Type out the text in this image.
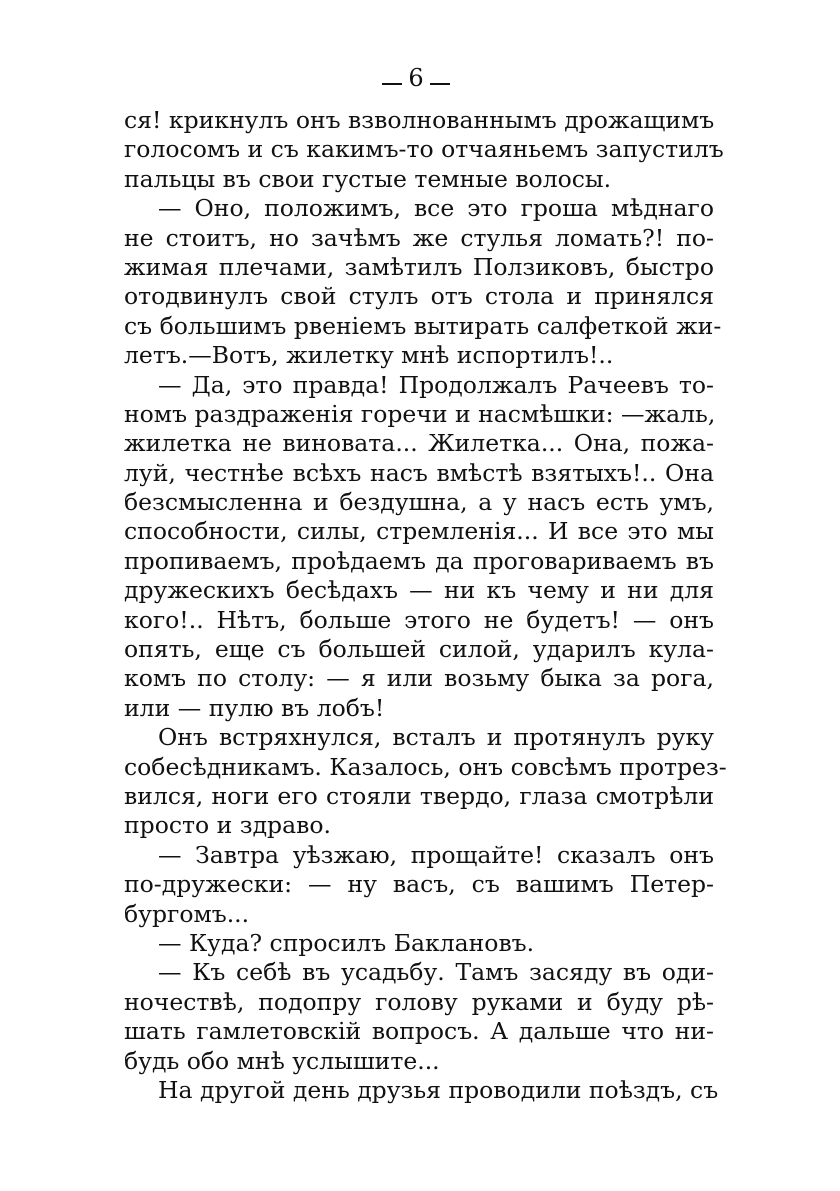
6
ся! крикнулъ онъ взволнованнымъ дрожащимъ
голосомъ и съ какимъ-то отчаяньемъ запустилъ
пальцы въ свои густые темные волосы.
— Оно, положимъ, все это гроша мѣднаго
не стоитъ, но зачѣмъ же стулья ломать?! по-
жимая плечами, замѣтилъ Ползиковъ, быстро
отодвинулъ свой стулъ отъ стола и принялся
съ большимъ рвеніемъ вытирать салфеткой жи-
летъ.—Вотъ, жилетку мнѣ испортилъ!..
— Да, это правда! Продолжалъ Рачеевъ то-
номъ раздраженія горечи и насмѣшки: —жаль,
жилетка не виновата... Жилетка... Она, пожа-
луй, честнѣе всѣхъ насъ вмѣстѣ взятыхъ!.. Она
безсмысленна и бездушна, а у насъ есть умъ,
способности, силы, стремленія... И все это мы
пропиваемъ, проѣдаемъ да проговариваемъ въ
дружескихъ бесѣдахъ — ни къ чему и ни для
кого!.. Нѣтъ, больше этого не будетъ! — онъ
опять, еще съ большей силой, ударилъ кула-
комъ по столу: — я или возьму быка за рога,
или — пулю въ лобъ!
Онъ встряхнулся, всталъ и протянулъ руку
собесѣдникамъ. Казалось, онъ совсѣмъ протрез-
вился, ноги его стояли твердо, глаза смотрѣли
просто и здраво.
— Завтра уѣзжаю, прощайте! сказалъ онъ
по-дружески: — ну васъ, съ вашимъ Петер-
бургомъ...
— Куда? спросилъ Баклановъ.
— Къ себѣ въ усадьбу. Тамъ засяду въ оди-
ночествѣ, подопру голову руками и буду рѣ-
шать гамлетовскій вопросъ. А дальше что ни-
будь обо мнѣ услышите...
На другой день друзья проводили поѣздъ, съ
